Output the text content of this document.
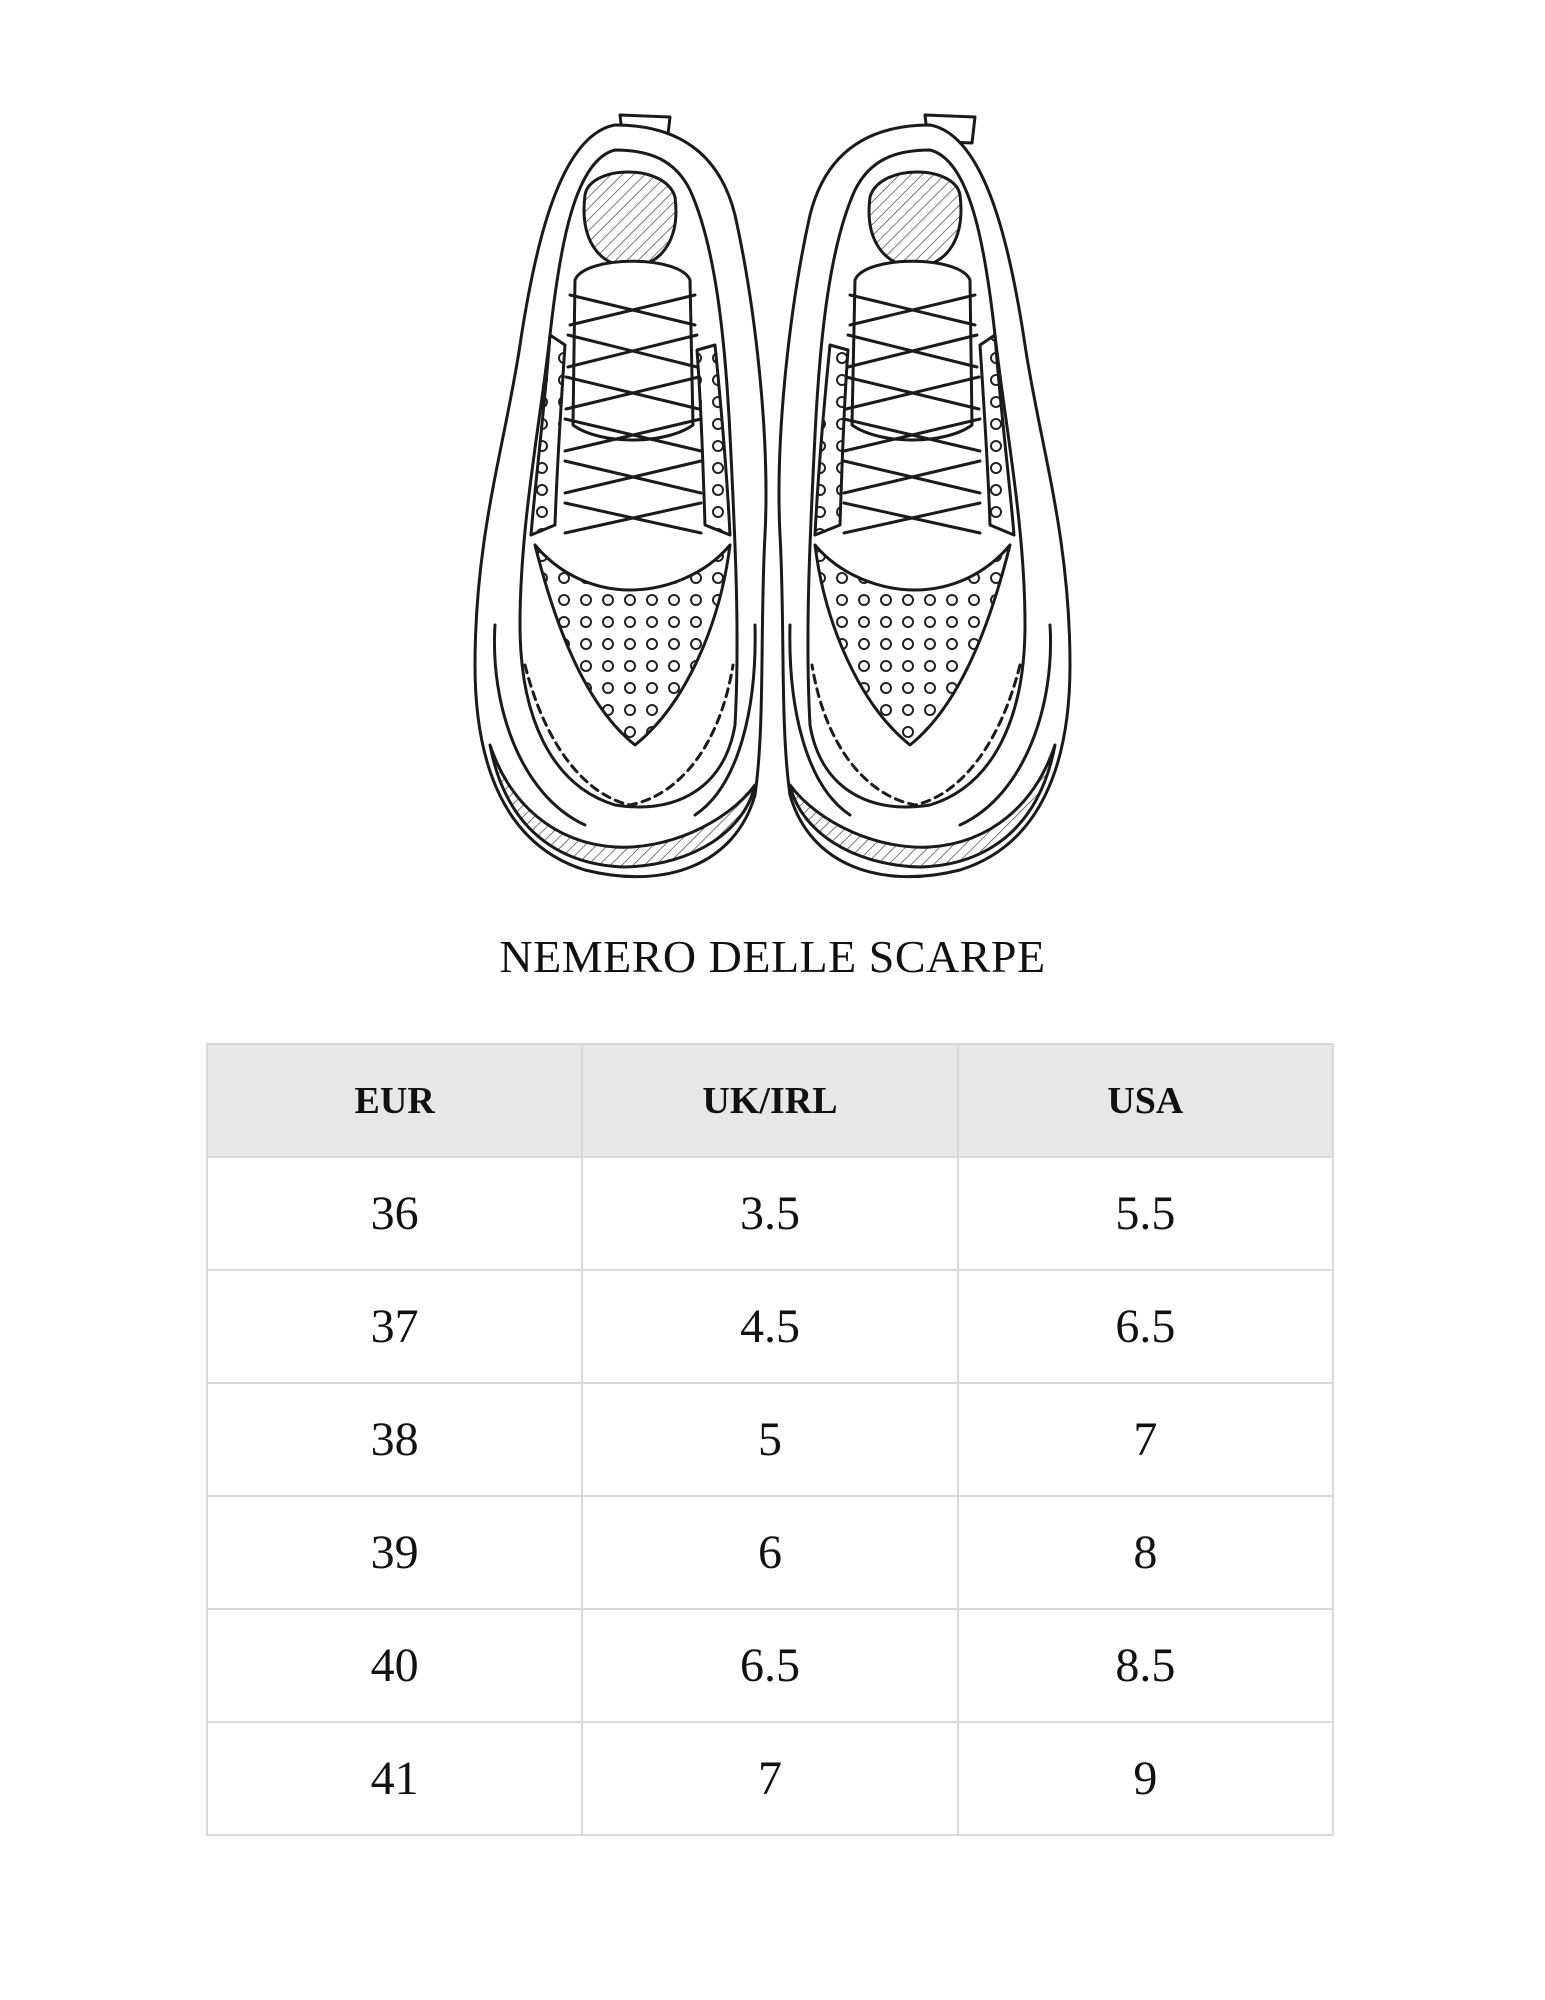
NEMERO DELLE SCARPE
EUR	UK/IRL	USA
36	3.5	5.5
37	4.5	6.5
38	5	7
39	6	8
40	6.5	8.5
41	7	9
